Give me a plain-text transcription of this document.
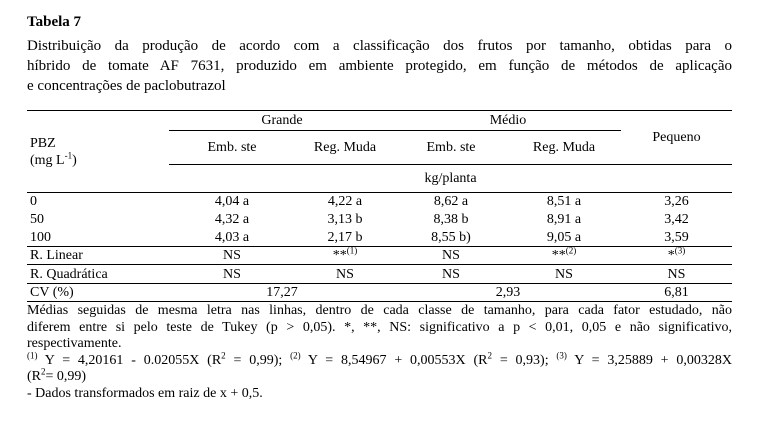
Tabela 7
Distribuição da produção de acordo com a classificação dos frutos por tamanho, obtidas para o
híbrido de tomate AF 7631, produzido em ambiente protegido, em função de métodos de aplicação
e concentrações de paclobutrazol
PBZ
(mg $L^{-1}$)	Grande		Médio		Pequeno
	Emb. ste	Reg. Muda	Emb. ste	Reg. Muda	
	kg/planta				
0	4,04 a	4,22 a	8,62 a	8,51 a	3,26
50	4,32 a	3,13 b	8,38 b	8,91 a	3,42
100	4,03 a	2,17 b	8,55 b)	9,05 a	3,59
R. Linear	NS	**$^{(1)}$	NS	**$^{(2)}$	*$^{(3)}$
R. Quadrática	NS	NS	NS	NS	NS
CV (%)	17,27		2,93		6,81

Médias seguidas de mesma letra nas linhas, dentro de cada classe de tamanho, para cada fator estudado, não

diferem entre si pelo teste de Tukey (p > 0,05). *, **, NS: significativo a p < 0,01, 0,05 e não significativo,

respectivamente.

$^{(1)}$ Y = 4,20161 - 0.02055X $(R^2 = 0,99)$; $^{(2)}$ Y = 8,54967 + 0,00553X $(R^2 = 0,93)$; $^{(3)}$ Y = 3,25889 + 0,00328X

$(R^2= 0,99)$

- Dados transformados em raiz de x + 0,5.
